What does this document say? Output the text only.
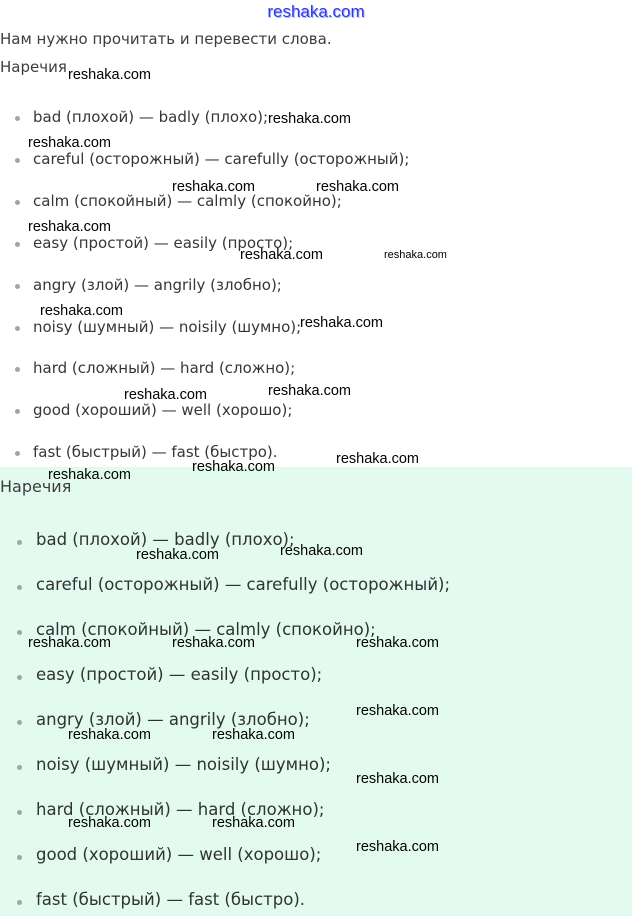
reshaka.com
Нам нужно прочитать и перевести слова.
Наречия
bad (плохой) — badly (плохо);
careful (осторожный) — carefully (осторожный);
calm (спокойный) — calmly (спокойно);
easy (простой) — easily (просто);
angry (злой) — angrily (злобно);
noisy (шумный) — noisily (шумно);
hard (сложный) — hard (сложно);
good (хороший) — well (хорошо);
fast (быстрый) — fast (быстро).
Наречия
bad (плохой) — badly (плохо);
careful (осторожный) — carefully (осторожный);
calm (спокойный) — calmly (спокойно);
easy (простой) — easily (просто);
angry (злой) — angrily (злобно);
noisy (шумный) — noisily (шумно);
hard (сложный) — hard (сложно);
good (хороший) — well (хорошо);
fast (быстрый) — fast (быстро).
reshaka.com
reshaka.com
reshaka.com
reshaka.com	reshaka.com
reshaka.com
reshaka.com	reshaka.com
reshaka.com
reshaka.com
reshaka.com	reshaka.com
reshaka.com	reshaka.com
reshaka.com
reshaka.com	reshaka.com
reshaka.com	reshaka.com	reshaka.com
reshaka.com
reshaka.com	reshaka.com
reshaka.com
reshaka.com	reshaka.com
reshaka.com
